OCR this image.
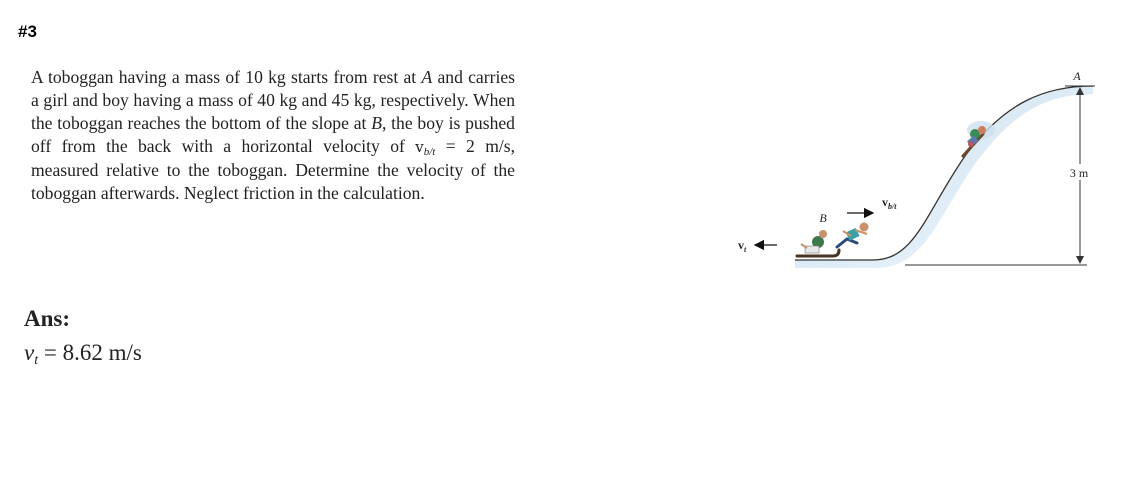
#3
A toboggan having a mass of 10 kg starts from rest at A and carries a girl and boy having a mass of 40 kg and 45 kg, respectively. When the toboggan reaches the bottom of the slope at B, the boy is pushed off from the back with a horizontal velocity of $v_{b/t} = 2$ m/s, measured relative to the toboggan. Determine the velocity of the toboggan afterwards. Neglect friction in the calculation.
Ans:
$v_t = 8.62$ m/s
3 m
A
B
$v_t$
$v_{b/t}$
